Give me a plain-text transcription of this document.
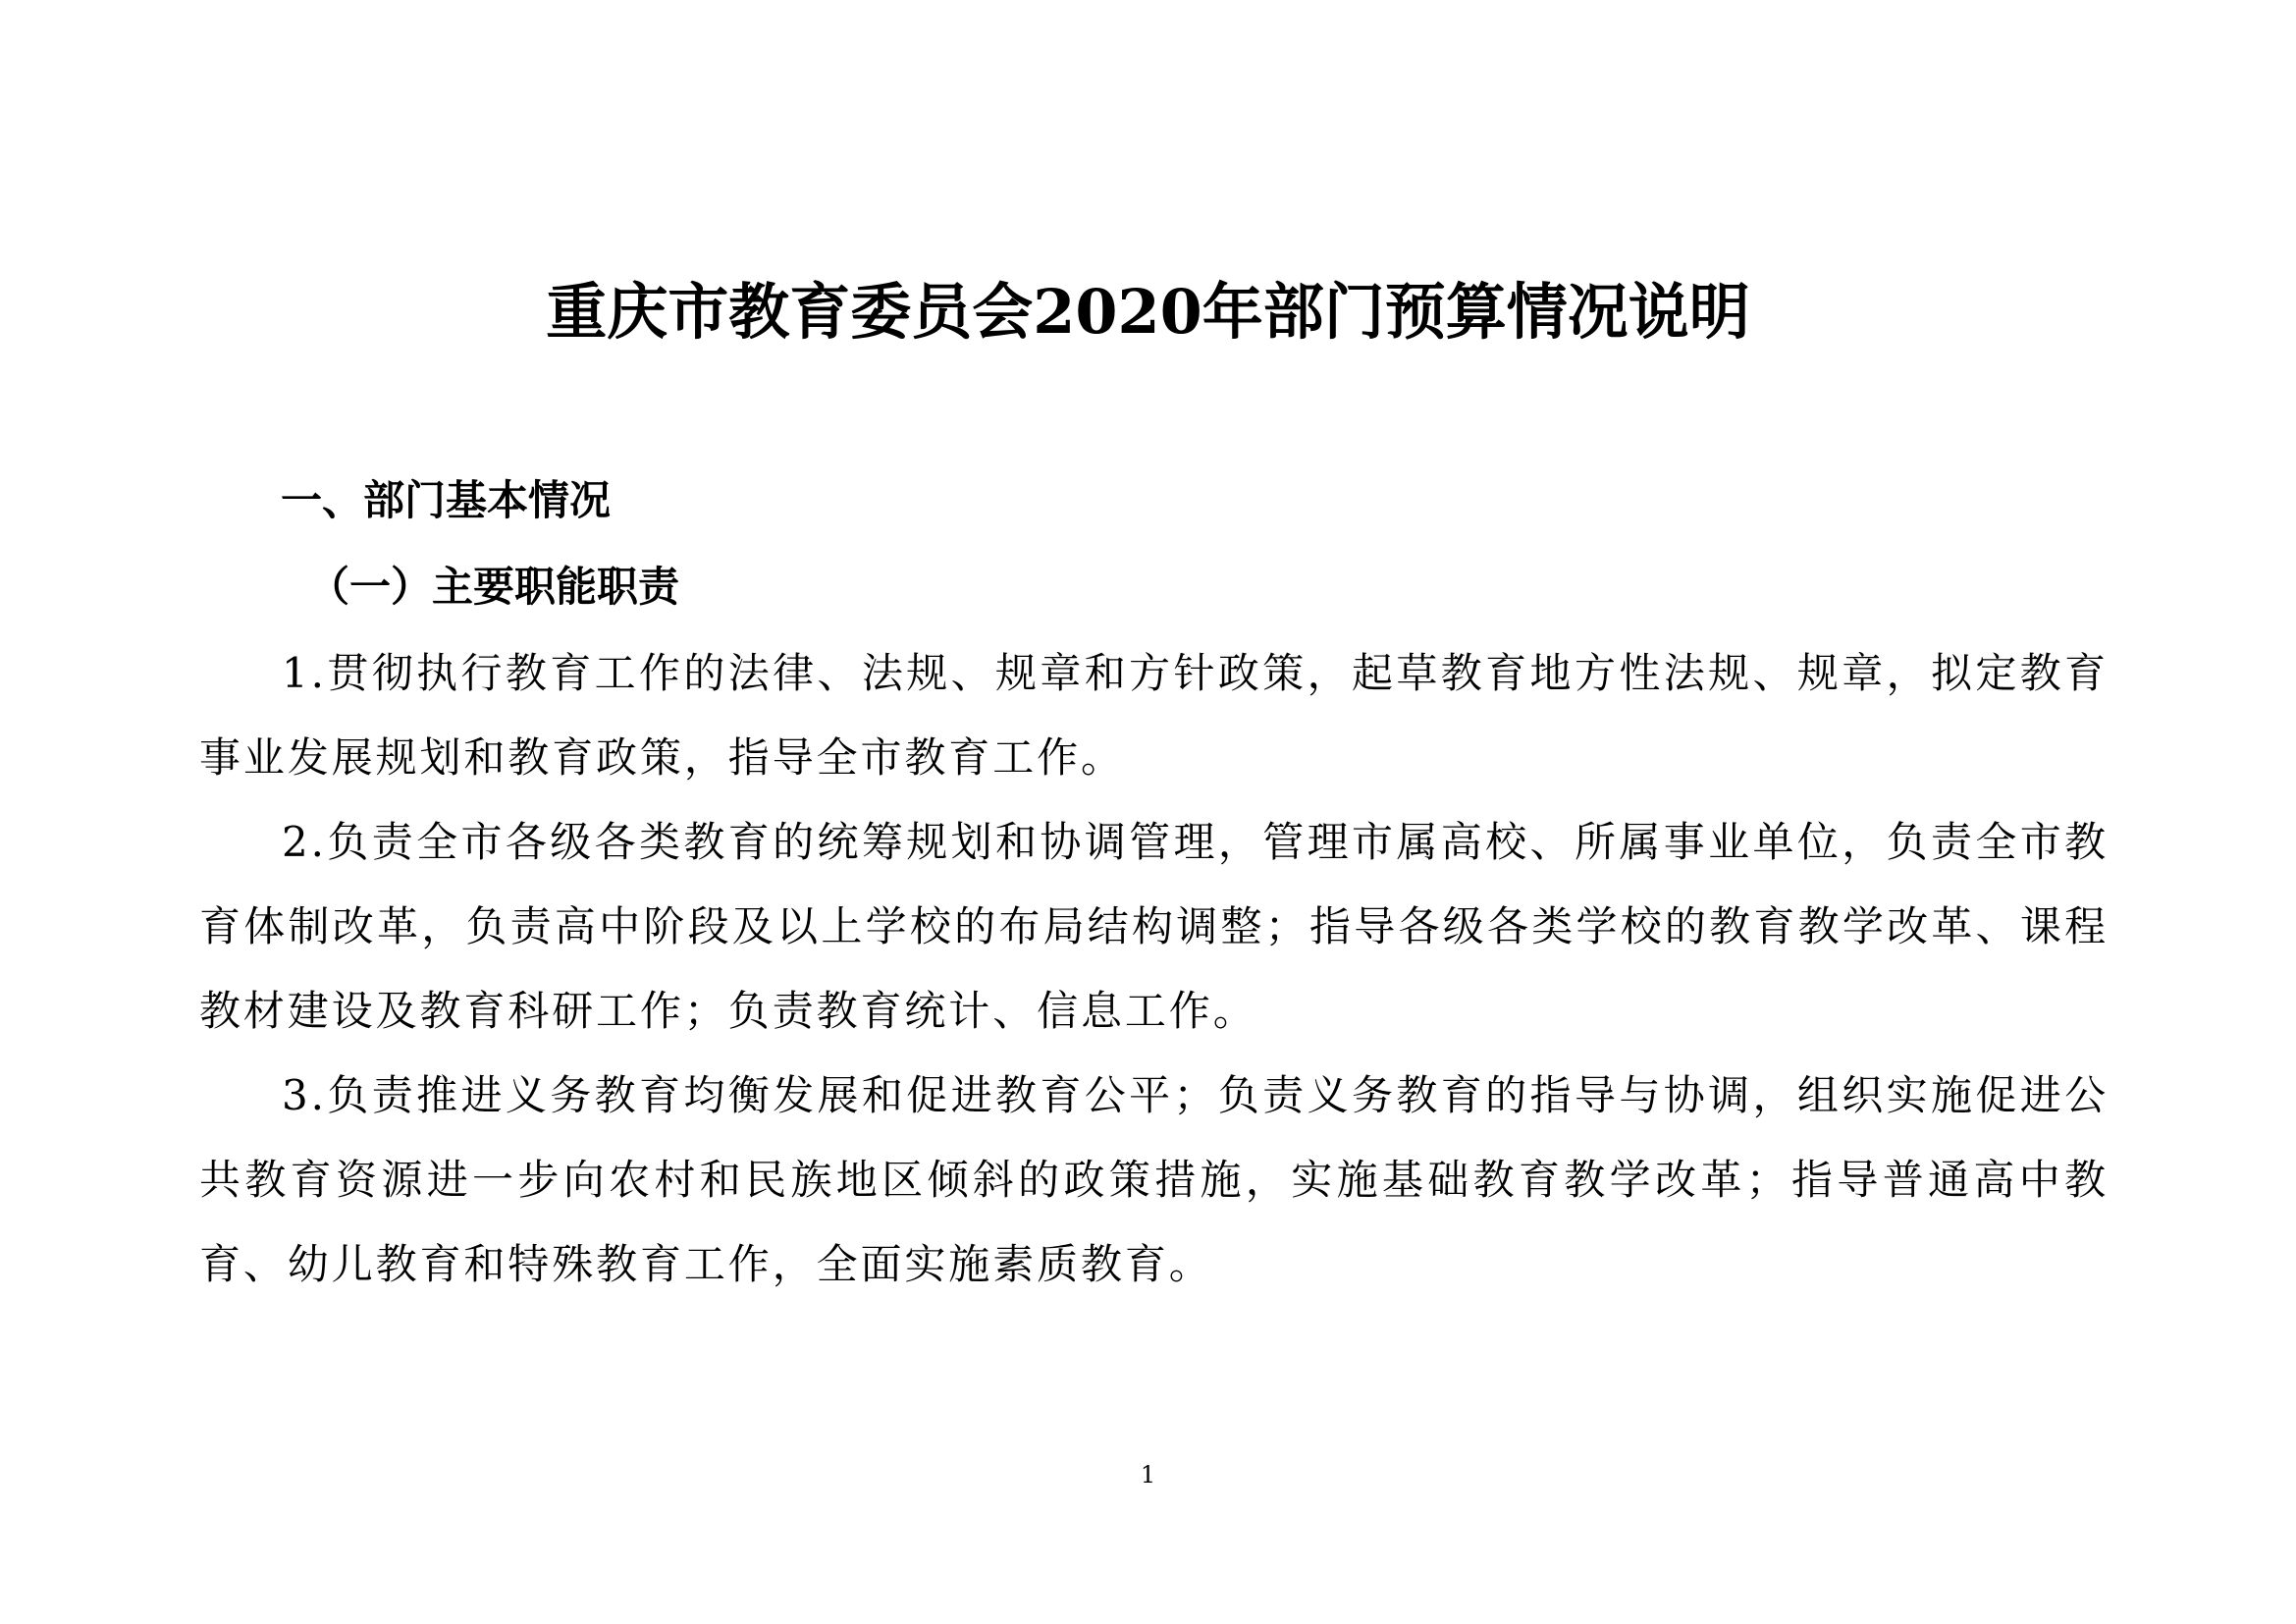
重庆市教育委员会2020年部门预算情况说明
一、部门基本情况
（一）主要职能职责

1.贯彻执行教育工作的法律、法规、规章和方针政策，起草教育地方性法规、规章，拟定教育事业发展规划和教育政策，指导全市教育工作。

2.负责全市各级各类教育的统筹规划和协调管理，管理市属高校、所属事业单位，负责全市教育体制改革，负责高中阶段及以上学校的布局结构调整；指导各级各类学校的教育教学改革、课程教材建设及教育科研工作；负责教育统计、信息工作。

3.负责推进义务教育均衡发展和促进教育公平；负责义务教育的指导与协调，组织实施促进公共教育资源进一步向农村和民族地区倾斜的政策措施，实施基础教育教学改革；指导普通高中教育、幼儿教育和特殊教育工作，全面实施素质教育。

1
